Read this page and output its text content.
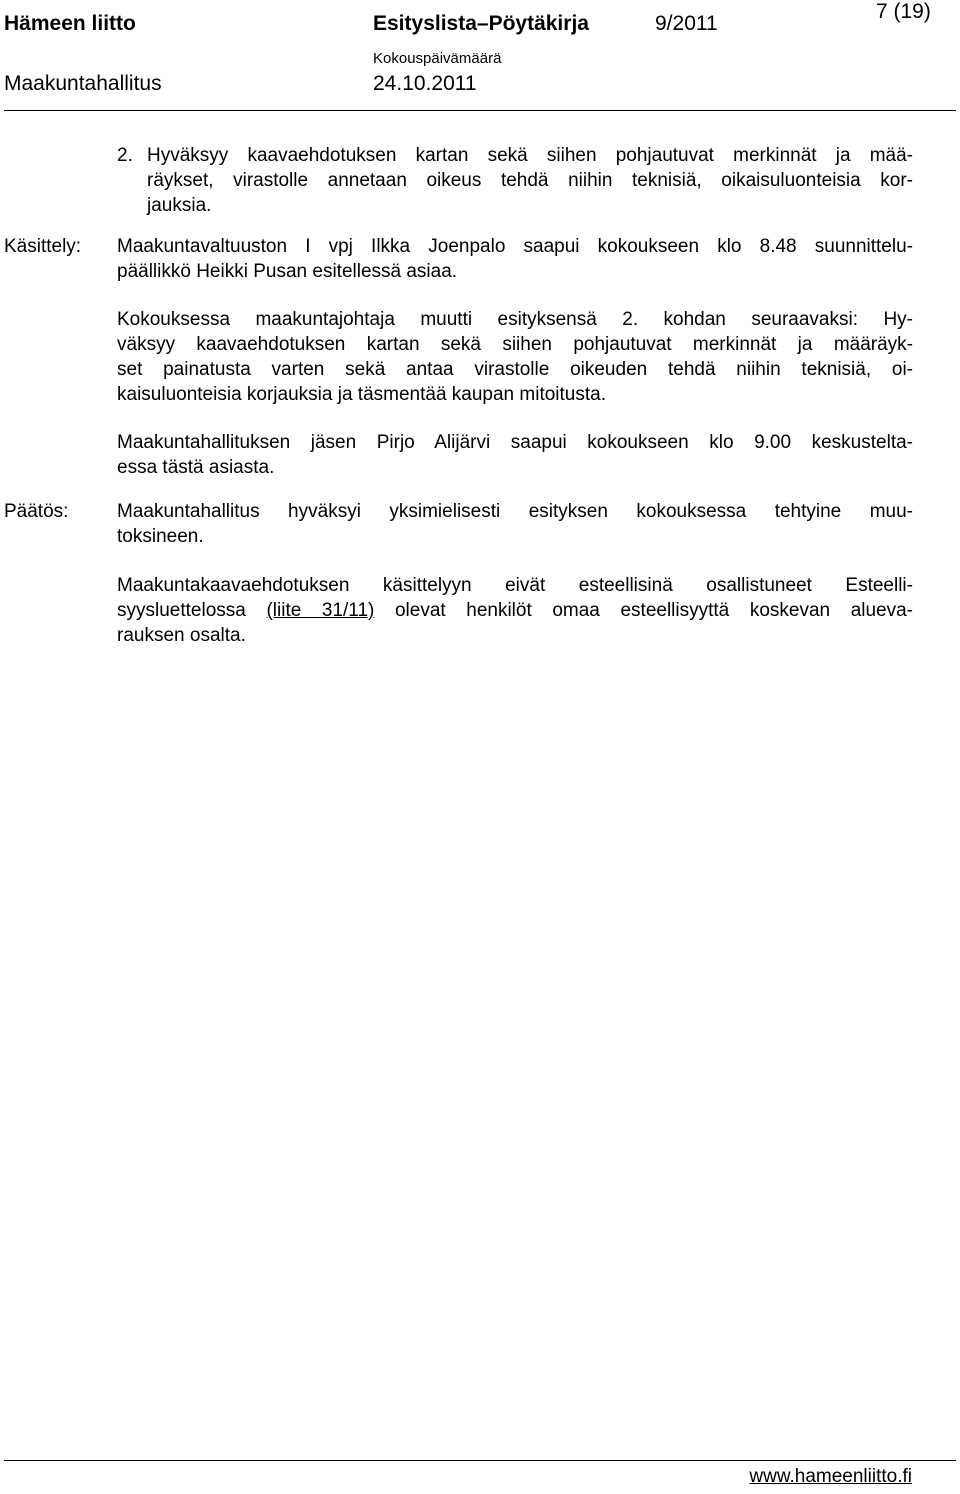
Hämeen liitto	Esityslista–Pöytäkirja	9/2011
7 (19)
Kokouspäivämäärä
Maakuntahallitus	24.10.2011
2. Hyväksyy kaavaehdotuksen kartan sekä siihen pohjautuvat merkinnät ja mää-
räykset, virastolle annetaan oikeus tehdä niihin teknisiä, oikaisuluonteisia kor-
jauksia.
Käsittely: Maakuntavaltuuston I vpj Ilkka Joenpalo saapui kokoukseen klo 8.48 suunnittelu-
päällikkö Heikki Pusan esitellessä asiaa.
Kokouksessa maakuntajohtaja muutti esityksensä 2. kohdan seuraavaksi: Hy-
väksyy kaavaehdotuksen kartan sekä siihen pohjautuvat merkinnät ja määräyk-
set painatusta varten sekä antaa virastolle oikeuden tehdä niihin teknisiä, oi-
kaisuluonteisia korjauksia ja täsmentää kaupan mitoitusta.
Maakuntahallituksen jäsen Pirjo Alijärvi saapui kokoukseen klo 9.00 keskustelta-
essa tästä asiasta.
Päätös:	Maakuntahallitus hyväksyi yksimielisesti esityksen kokouksessa tehtyine muu-
toksineen.
Maakuntakaavaehdotuksen käsittelyyn eivät esteellisinä osallistuneet Esteelli-
syysluettelossa (liite 31/11) olevat henkilöt omaa esteellisyyttä koskevan alueva-
rauksen osalta.
www.hameenliitto.fi
